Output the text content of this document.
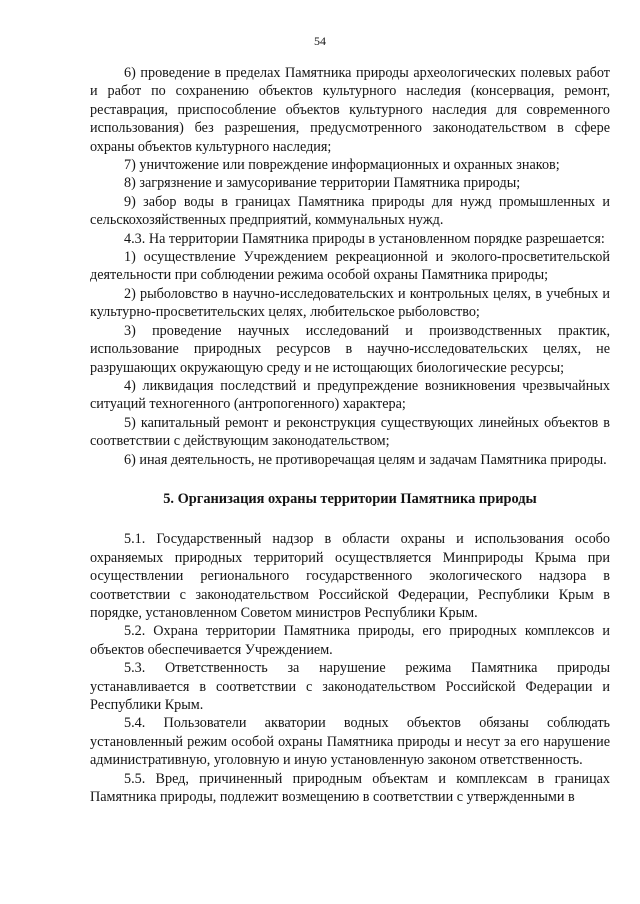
54

6) проведение в пределах Памятника природы археологических полевых работ и работ по сохранению объектов культурного наследия (консервация, ремонт, реставрация, приспособление объектов культурного наследия для современного использования) без разрешения, предусмотренного законодательством в сфере охраны объектов культурного наследия;

7) уничтожение или повреждение информационных и охранных знаков;

8) загрязнение и замусоривание территории Памятника природы;

9) забор воды в границах Памятника природы для нужд промышленных и сельскохозяйственных предприятий, коммунальных нужд.

4.3. На территории Памятника природы в установленном порядке разрешается:

1) осуществление Учреждением рекреационной и эколого-просветительской деятельности при соблюдении режима особой охраны Памятника природы;

2) рыболовство в научно-исследовательских и контрольных целях, в учебных и культурно-просветительских целях, любительское рыболовство;

3) проведение научных исследований и производственных практик, использование природных ресурсов в научно-исследовательских целях, не разрушающих окружающую среду и не истощающих биологические ресурсы;

4) ликвидация последствий и предупреждение возникновения чрезвычайных ситуаций техногенного (антропогенного) характера;

5) капитальный ремонт и реконструкция существующих линейных объектов в соответствии с действующим законодательством;

6) иная деятельность, не противоречащая целям и задачам Памятника природы.

5. Организация охраны территории Памятника природы

5.1. Государственный надзор в области охраны и использования особо охраняемых природных территорий осуществляется Минприроды Крыма при осуществлении регионального государственного экологического надзора в соответствии с законодательством Российской Федерации, Республики Крым в порядке, установленном Советом министров Республики Крым.

5.2. Охрана территории Памятника природы, его природных комплексов и объектов обеспечивается Учреждением.

5.3. Ответственность за нарушение режима Памятника природы устанавливается в соответствии с законодательством Российской Федерации и Республики Крым.

5.4. Пользователи акватории водных объектов обязаны соблюдать установленный режим особой охраны Памятника природы и несут за его нарушение административную, уголовную и иную установленную законом ответственность.

5.5. Вред, причиненный природным объектам и комплексам в границах Памятника природы, подлежит возмещению в соответствии с утвержденными в
